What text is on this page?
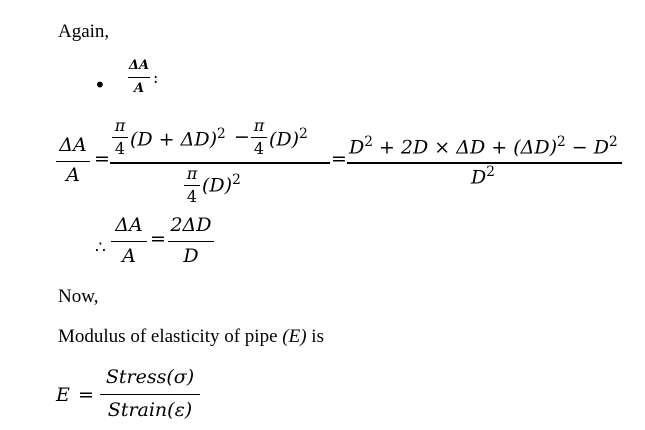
Again,
•
ΔA
A
:
ΔA
A
=
π
4 $(D + \Delta D)^2$ −
π
4 $(D)^2$
π
4 $(D)^2$
=
$D^2 + 2D \times \Delta D + (\Delta D)^2 - D^2$
$D^2$
∴
ΔA
A
=
2ΔD
D
Now,
Modulus of elasticity of pipe (E) is
E =
Stress(σ)
Strain(ε)
